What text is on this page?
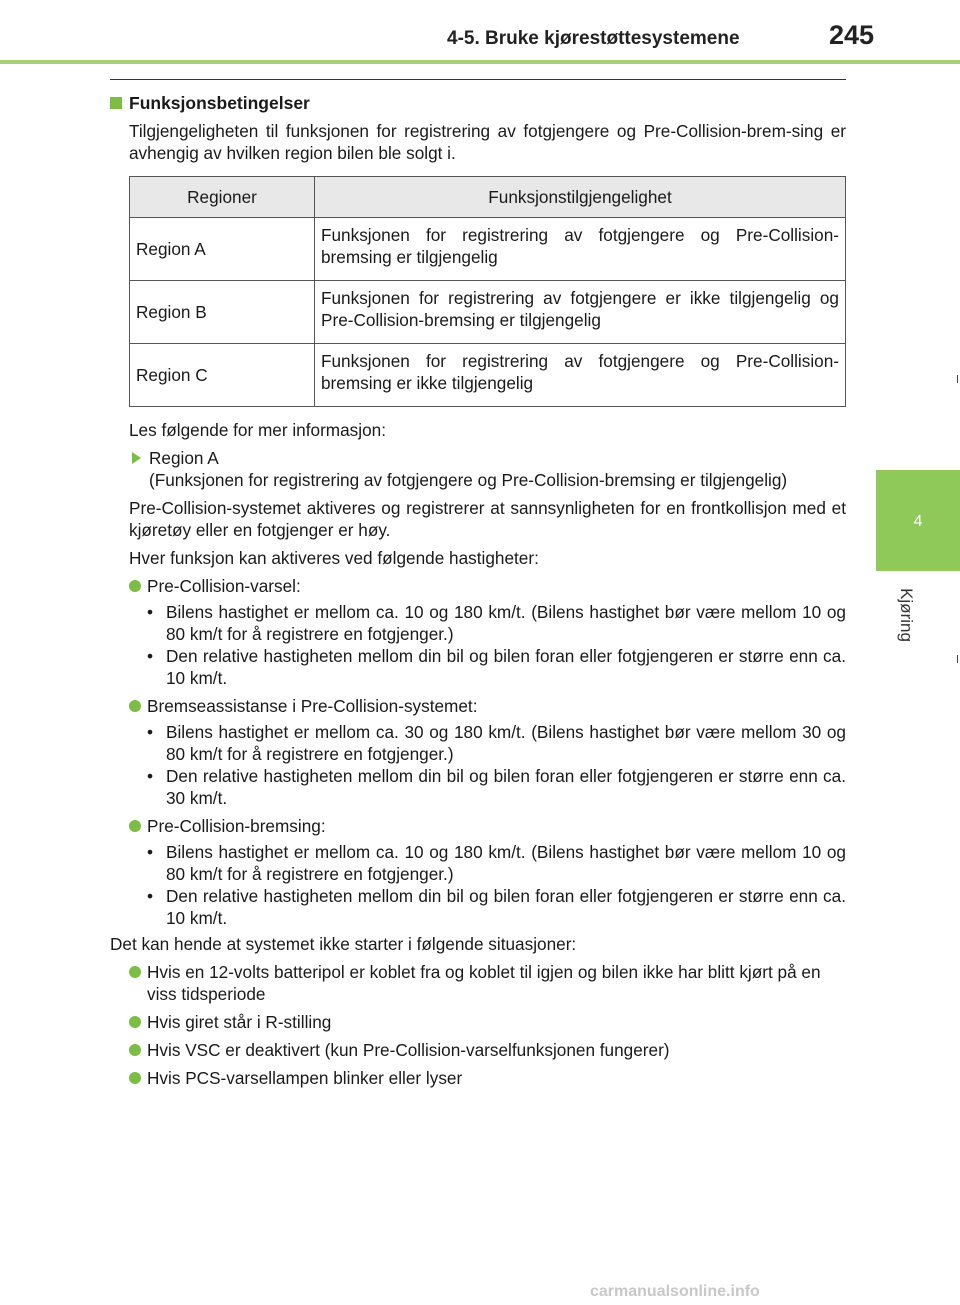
4-5. Bruke kjørestøttesystemene	245
4
Kjøring
Funksjonsbetingelser
Tilgjengeligheten til funksjonen for registrering av fotgjengere og Pre-Collision-brem-sing er avhengig av hvilken region bilen ble solgt i.
Regioner	Funksjonstilgjengelighet
Region A	Funksjonen for registrering av fotgjengere og Pre-Collision-bremsing er tilgjengelig
Region B	Funksjonen for registrering av fotgjengere er ikke tilgjengelig og Pre-Collision-bremsing er tilgjengelig
Region C	Funksjonen for registrering av fotgjengere og Pre-Collision-bremsing er ikke tilgjengelig
Les følgende for mer informasjon:
Region A
(Funksjonen for registrering av fotgjengere og Pre-Collision-bremsing er tilgjengelig)
Pre-Collision-systemet aktiveres og registrerer at sannsynligheten for en frontkollisjon med et kjøretøy eller en fotgjenger er høy.
Hver funksjon kan aktiveres ved følgende hastigheter:
Pre-Collision-varsel:
• Bilens hastighet er mellom ca. 10 og 180 km/t. (Bilens hastighet bør være mellom 10 og 80 km/t for å registrere en fotgjenger.)
• Den relative hastigheten mellom din bil og bilen foran eller fotgjengeren er større enn ca. 10 km/t.
Bremseassistanse i Pre-Collision-systemet:
• Bilens hastighet er mellom ca. 30 og 180 km/t. (Bilens hastighet bør være mellom 30 og 80 km/t for å registrere en fotgjenger.)
• Den relative hastigheten mellom din bil og bilen foran eller fotgjengeren er større enn ca. 30 km/t.
Pre-Collision-bremsing:
• Bilens hastighet er mellom ca. 10 og 180 km/t. (Bilens hastighet bør være mellom 10 og 80 km/t for å registrere en fotgjenger.)
• Den relative hastigheten mellom din bil og bilen foran eller fotgjengeren er større enn ca. 10 km/t.
Det kan hende at systemet ikke starter i følgende situasjoner:
Hvis en 12-volts batteripol er koblet fra og koblet til igjen og bilen ikke har blitt kjørt på en viss tidsperiode
Hvis giret står i R-stilling
Hvis VSC er deaktivert (kun Pre-Collision-varselfunksjonen fungerer)
Hvis PCS-varsellampen blinker eller lyser
carmanualsonline.info
